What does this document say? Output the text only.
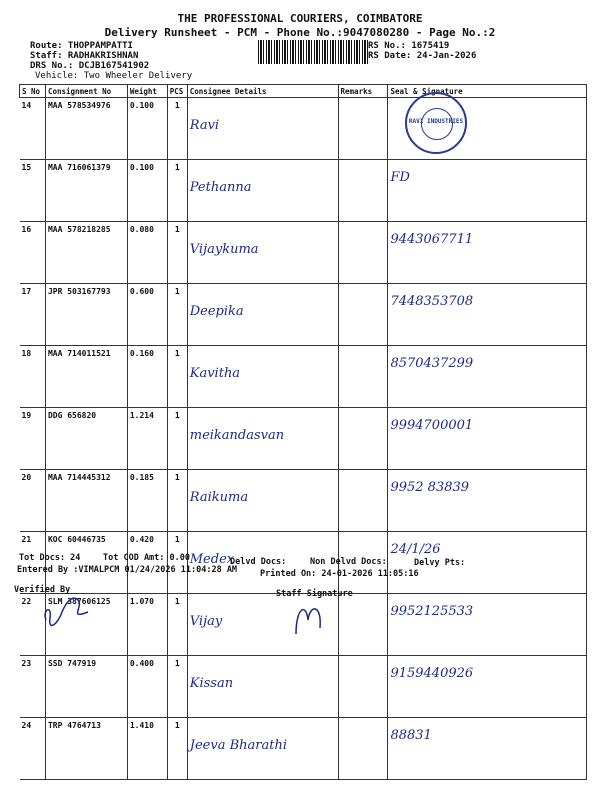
THE PROFESSIONAL COURIERS, COIMBATORE
Delivery Runsheet - PCM - Phone No.:9047080280 - Page No.:2
Route: THOPPAMPATTI
Staff: RADHAKRISHNAN
DRS No.: DCJB167541902
Vehicle: Two Wheeler Delivery
RS No.: 1675419
RS Date: 24-Jan-2026
S No	Consignment No	Weight	PCS	Consignee Details	Remarks	Seal & Signature
14	MAA 578534976	0.100	1	Ravi		
15	MAA 716061379	0.100	1	Pethanna		FD
16	MAA 578218285	0.080	1	Vijaykuma		9443067711
17	JPR 503167793	0.600	1	Deepika		7448353708
18	MAA 714011521	0.160	1	Kavitha		8570437299
19	DDG 656820	1.214	1	meikandasvan		9994700001
20	MAA 714445312	0.185	1	Raikuma		9952 83839
21	KOC 60446735	0.420	1	Medex		24/1/26
22	SLM 387606125	1.070	1	Vijay		9952125533
23	SSD 747919	0.400	1	Kissan		9159440926
24	TRP 4764713	1.410	1	Jeeva Bharathi		88831
RAVI INDUSTRIES
Tot Docs: 24	Tot COD Amt: 0.00	Delvd Docs:	Non Delvd Docs:	Delvy Pts:
Entered By :VIMALPCM 01/24/2026 11:04:28 AM	Printed On: 24-01-2026 11:05:16
Verified By	Staff Signature
